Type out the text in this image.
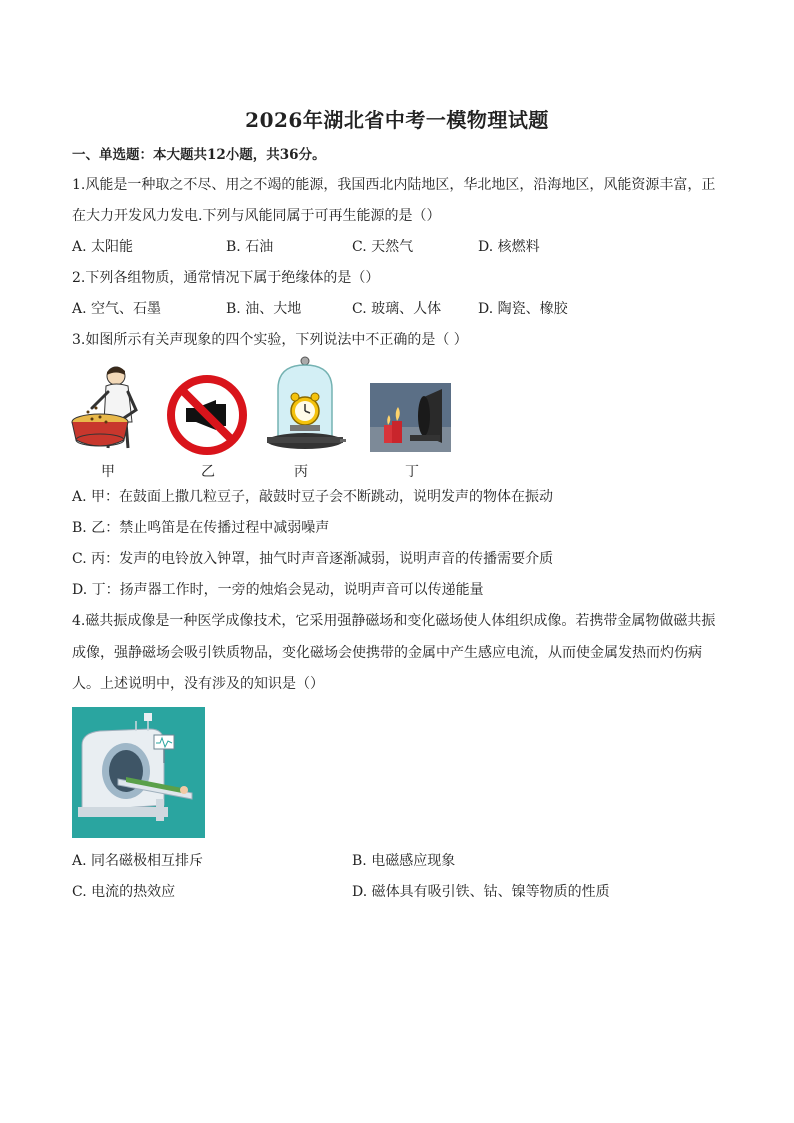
2026年湖北省中考一模物理试题
一、单选题：本大题共12小题，共36分。
1.风能是一种取之不尽、用之不竭的能源，我国西北内陆地区，华北地区，沿海地区，风能资源丰富，正
在大力开发风力发电.下列与风能同属于可再生能源的是（）
A. 太阳能	B. 石油	C. 天然气	D. 核燃料
2.下列各组物质，通常情况下属于绝缘体的是（）
A. 空气、石墨	B. 油、大地	C. 玻璃、人体	D. 陶瓷、橡胶
3.如图所示有关声现象的四个实验，下列说法中不正确的是（ ）
甲	乙	丙	丁
A. 甲：在鼓面上撒几粒豆子，敲鼓时豆子会不断跳动，说明发声的物体在振动
B. 乙：禁止鸣笛是在传播过程中减弱噪声
C. 丙：发声的电铃放入钟罩，抽气时声音逐渐减弱，说明声音的传播需要介质
D. 丁：扬声器工作时，一旁的烛焰会晃动，说明声音可以传递能量
4.磁共振成像是一种医学成像技术，它采用强静磁场和变化磁场使人体组织成像。若携带金属物做磁共振
成像，强静磁场会吸引铁质物品，变化磁场会使携带的金属中产生感应电流，从而使金属发热而灼伤病
人。上述说明中，没有涉及的知识是（）
A. 同名磁极相互排斥	B. 电磁感应现象
C. 电流的热效应	D. 磁体具有吸引铁、钴、镍等物质的性质
